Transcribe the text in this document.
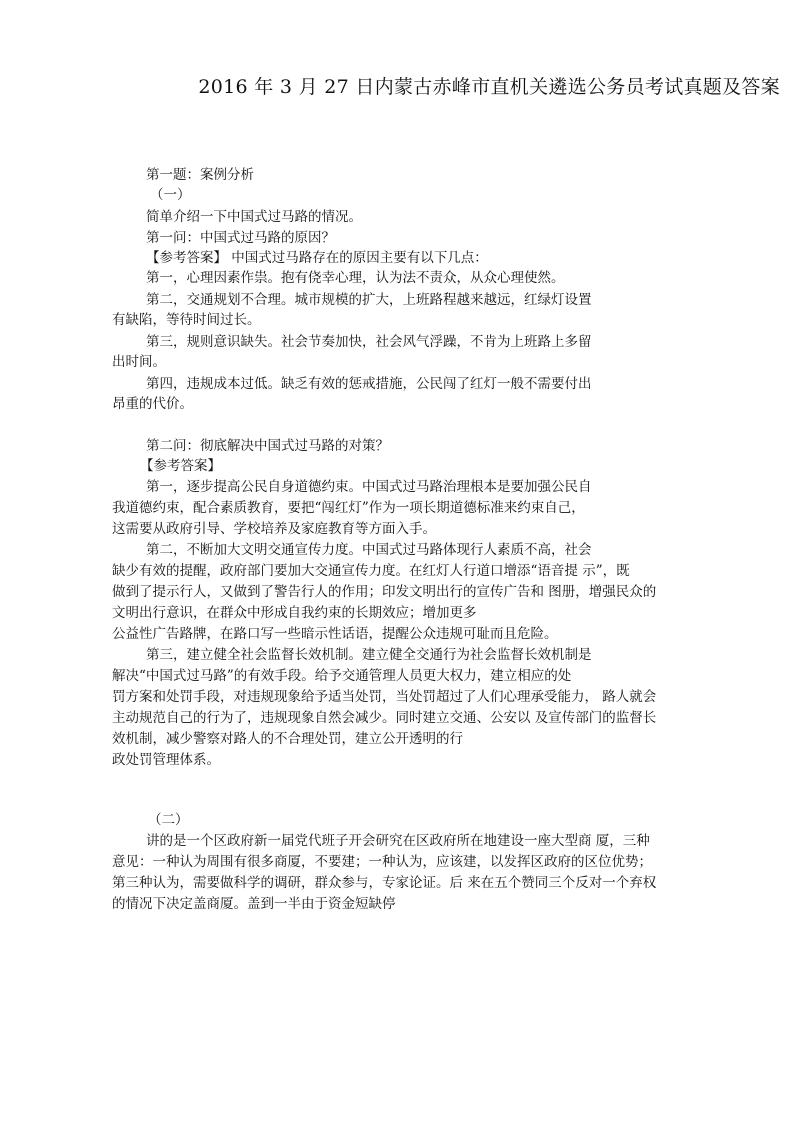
2016 年 3 月 27 日内蒙古赤峰市直机关遴选公务员考试真题及答案
第一题：案例分析
（一）
简单介绍一下中国式过马路的情况。
第一问：中国式过马路的原因？
【参考答案】 中国式过马路存在的原因主要有以下几点：
第一，心理因素作祟。抱有侥幸心理，认为法不责众，从众心理使然。
第二，交通规划不合理。城市规模的扩大，上班路程越来越远，红绿灯设置
有缺陷，等待时间过长。
第三，规则意识缺失。社会节奏加快，社会风气浮躁，不肯为上班路上多留
出时间。
第四，违规成本过低。缺乏有效的惩戒措施，公民闯了红灯一般不需要付出
昂重的代价。
第二问：彻底解决中国式过马路的对策？
【参考答案】
第一，逐步提高公民自身道德约束。中国式过马路治理根本是要加强公民自
我道德约束，配合素质教育，要把“闯红灯”作为一项长期道德标准来约束自己，
这需要从政府引导、学校培养及家庭教育等方面入手。
第二，不断加大文明交通宣传力度。中国式过马路体现行人素质不高，社会
缺少有效的提醒，政府部门要加大交通宣传力度。在红灯人行道口增添“语音提 示”，既
做到了提示行人，又做到了警告行人的作用；印发文明出行的宣传广告和 图册，增强民众的
文明出行意识，在群众中形成自我约束的长期效应；增加更多
公益性广告路牌，在路口写一些暗示性话语，提醒公众违规可耻而且危险。
第三，建立健全社会监督长效机制。建立健全交通行为社会监督长效机制是
解决“中国式过马路”的有效手段。给予交通管理人员更大权力，建立相应的处
罚方案和处罚手段，对违规现象给予适当处罚，当处罚超过了人们心理承受能力， 路人就会
主动规范自己的行为了，违规现象自然会减少。同时建立交通、公安以 及宣传部门的监督长
效机制，减少警察对路人的不合理处罚，建立公开透明的行
政处罚管理体系。
（二）
讲的是一个区政府新一届党代班子开会研究在区政府所在地建设一座大型商 厦，三种
意见：一种认为周围有很多商厦，不要建；一种认为，应该建，以发挥区政府的区位优势；
第三种认为，需要做科学的调研，群众参与，专家论证。后 来在五个赞同三个反对一个弃权
的情况下决定盖商厦。盖到一半由于资金短缺停
